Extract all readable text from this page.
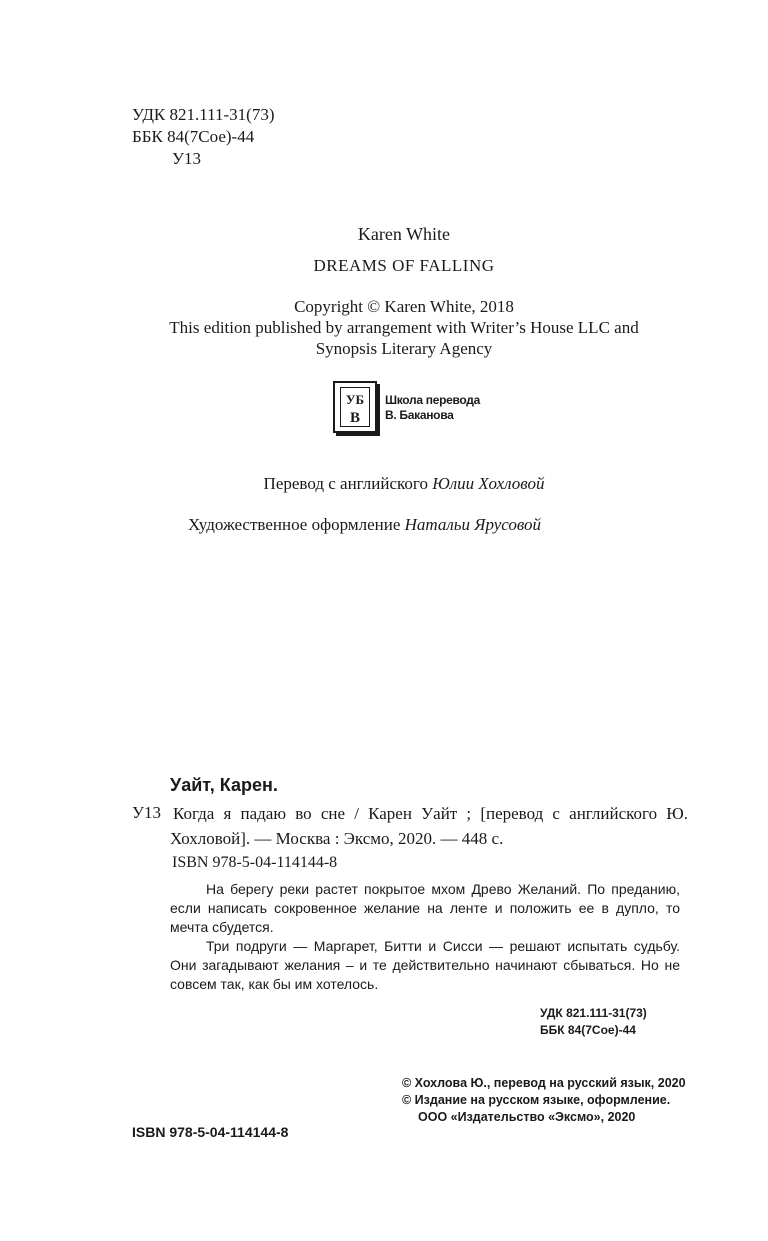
УДК 821.111-31(73)
ББК 84(7Сое)-44
У13
Karen White
DREAMS OF FALLING
Copyright © Karen White, 2018
This edition published by arrangement with Writer’s House LLC and
Synopsis Literary Agency
УБ
В
Школа перевода
В. Баканова
Перевод с английского Юлии Хохловой
Художественное оформление Натальи Ярусовой
Уайт, Карен.
У13 Когда я падаю во сне / Карен Уайт ; [перевод с английского Ю. Хохловой]. — Москва : Эксмо, 2020. — 448 с.
ISBN 978-5-04-114144-8

На берегу реки растет покрытое мхом Древо Желаний. По преданию, если написать сокровенное желание на ленте и положить ее в дупло, то мечта сбудется.

Три подруги — Маргарет, Битти и Сисси — решают испытать судьбу. Они загадывают желания – и те действительно начинают сбываться. Но не совсем так, как бы им хотелось.

УДК 821.111-31(73)
ББК 84(7Сое)-44
© Хохлова Ю., перевод на русский язык, 2020
© Издание на русском языке, оформление. ООО «Издательство «Эксмо», 2020
ISBN 978-5-04-114144-8
